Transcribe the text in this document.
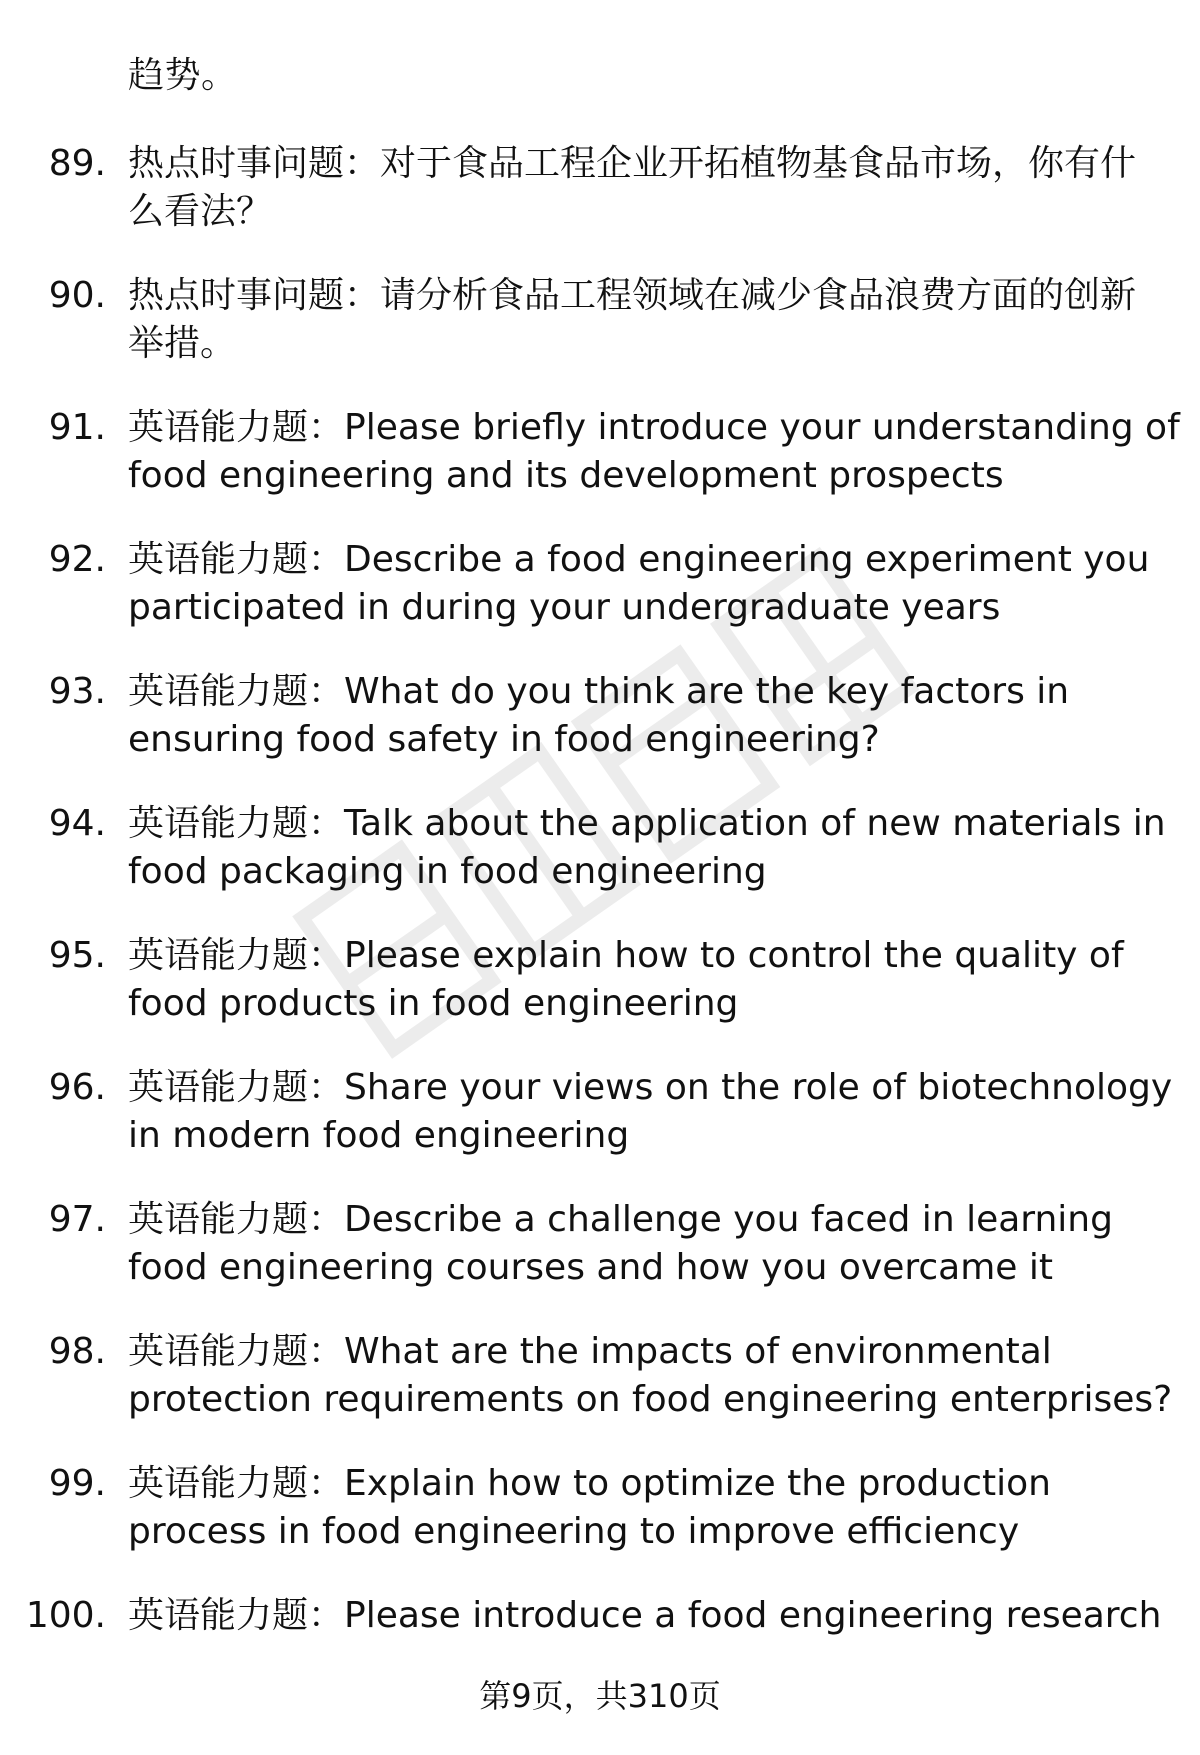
趋势。
89. 热点时事问题：对于食品工程企业开拓植物基食品市场，你有什
么看法？
90. 热点时事问题：请分析食品工程领域在减少食品浪费方面的创新
举措。
91. 英语能力题：Please briefly introduce your understanding of
food engineering and its development prospects
92. 英语能力题：Describe a food engineering experiment you
participated in during your undergraduate years
93. 英语能力题：What do you think are the key factors in
ensuring food safety in food engineering?
94. 英语能力题：Talk about the application of new materials in
food packaging in food engineering
95. 英语能力题：Please explain how to control the quality of
food products in food engineering
96. 英语能力题：Share your views on the role of biotechnology
in modern food engineering
97. 英语能力题：Describe a challenge you faced in learning
food engineering courses and how you overcame it
98. 英语能力题：What are the impacts of environmental
protection requirements on food engineering enterprises?
99. 英语能力题：Explain how to optimize the production
process in food engineering to improve efficiency
100. 英语能力题：Please introduce a food engineering research
第9页，共310页
